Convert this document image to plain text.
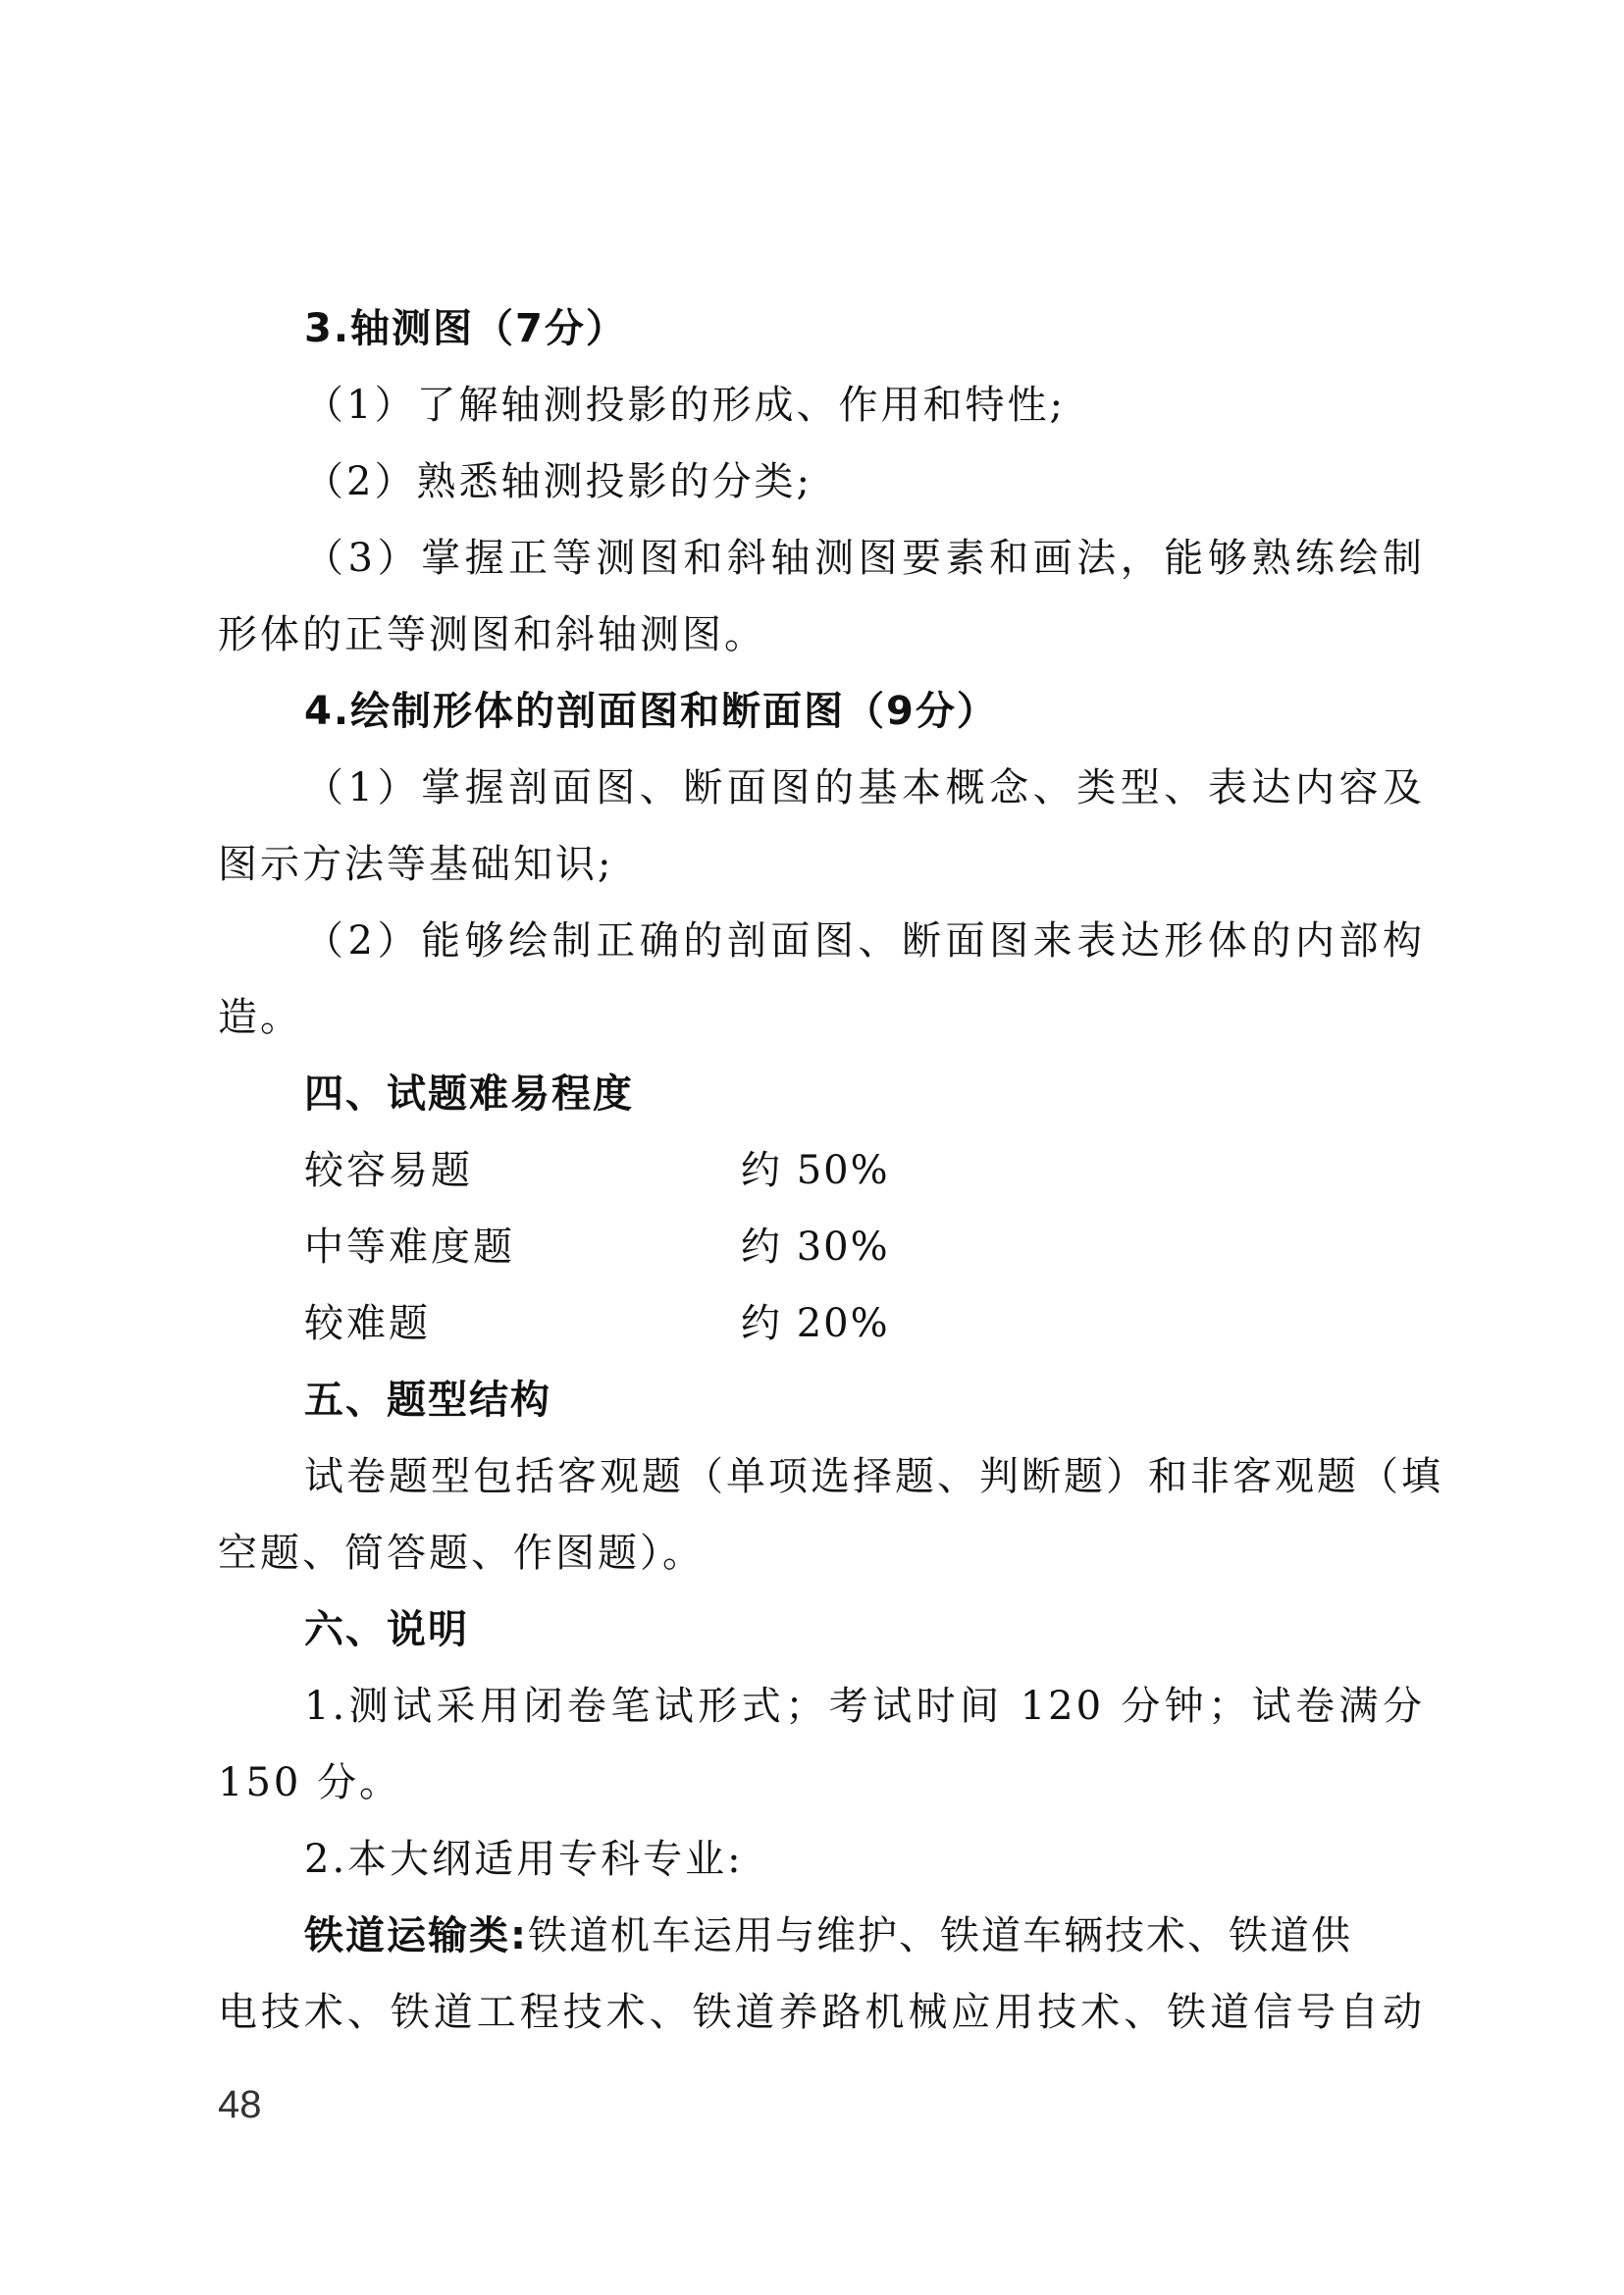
3.轴测图（7分）
（1）了解轴测投影的形成、作用和特性;
（2）熟悉轴测投影的分类;
（3）掌握正等测图和斜轴测图要素和画法，能够熟练绘制
形体的正等测图和斜轴测图。
4.绘制形体的剖面图和断面图（9分）
（1）掌握剖面图、断面图的基本概念、类型、表达内容及
图示方法等基础知识;
（2）能够绘制正确的剖面图、断面图来表达形体的内部构
造。
四、试题难易程度
较容易题	约 50%
中等难度题	约 30%
较难题	约 20%
五、题型结构
试卷题型包括客观题（单项选择题、判断题）和非客观题（填
空题、简答题、作图题）。
六、说明
1.测试采用闭卷笔试形式；考试时间 120 分钟；试卷满分
150 分。
2.本大纲适用专科专业:
铁道运输类:铁道机车运用与维护、铁道车辆技术、铁道供
电技术、铁道工程技术、铁道养路机械应用技术、铁道信号自动
48
